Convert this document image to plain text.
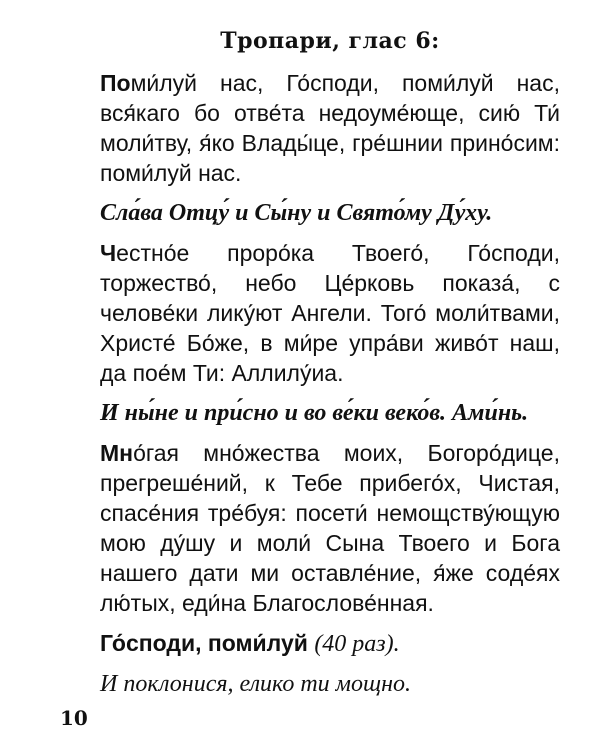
Тропари, глас 6:

Поми́луй нас, Го́споди, поми́луй нас, вся́каго бо отве́та недоуме́юще, сию́ Ти́ моли́тву, я́ко Влады́це, гре́шнии прино́сим: поми́луй нас.

Сла́ва Отцу́ и Сы́ну и Свято́му Ду́ху.

Честно́е проро́ка Твоего́, Го́споди, торжество́, небо Це́рковь показа́, с челове́ки лику́ют Ангели. Того́ моли́твами, Христе́ Бо́же, в ми́ре упра́ви живо́т наш, да пое́м Ти: Аллилу́иа.

И ны́не и при́сно и во ве́ки веко́в. Ами́нь.

Мно́гая мно́жества моих, Богоро́дице, прегреше́ний, к Тебе прибего́х, Чистая, спасе́ния тре́буя: посети́ немощству́ющую мою ду́шу и моли́ Сына Твоего и Бога нашего дати ми оставле́ние, я́же соде́ях лю́тых, еди́на Благослове́нная.

Го́споди, поми́луй (40 раз).

И поклонися, елико ти мощно.

10
